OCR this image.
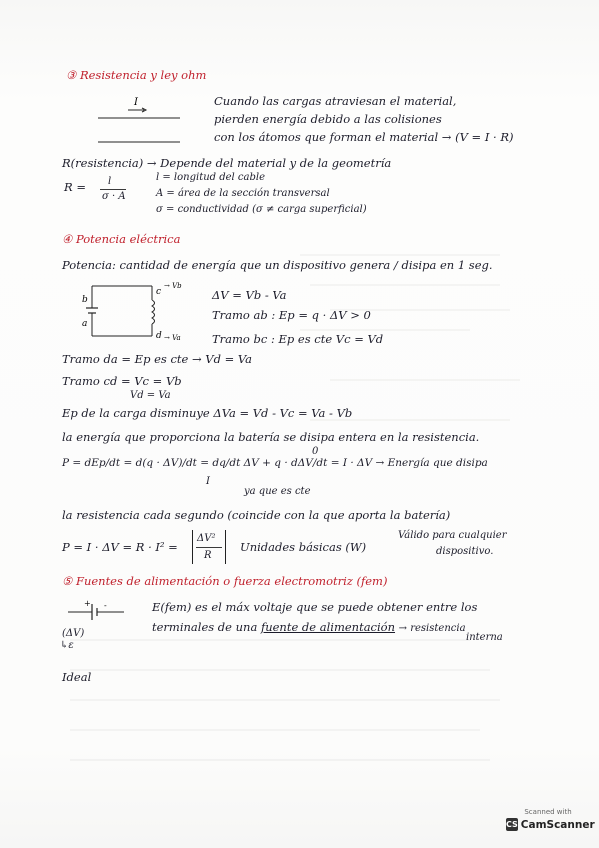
③ Resistencia y ley ohm
I	Cuando las cargas atraviesan el material,
pierden energía debido a las colisiones
con los átomos que forman el material → (V = I · R)
R(resistencia) → Depende del material y de la geometría
R = l
σ · A
l = longitud del cable
A = área de la sección transversal
σ = conductividad (σ ≠ carga superficial)
④ Potencia eléctrica
Potencia: cantidad de energía que un dispositivo genera / disipa en 1 seg.
b
c
→ Vb
a
d → Va
ΔV = Vb - Va
Tramo ab : Ep = q · ΔV > 0
Tramo bc : Ep es cte Vc = Vd
Tramo da = Ep es cte → Vd = Va
Tramo cd = Vc = Vb
Vd = Va
Ep de la carga disminuye ΔVa = Vd - Vc = Va - Vb
la energía que proporciona la batería se disipa entera en la resistencia.
P = dEp/dt = d(q · ΔV)/dt = dq/dt ΔV + q · dΔV/dt = I · ΔV → Energía que disipa
I
0
ya que es cte
la resistencia cada segundo (coincide con la que aporta la batería)
P = I · ΔV = R · I² =
ΔV²
R
Unidades básicas (W)
Válido para cualquier
dispositivo.
⑤ Fuentes de alimentación o fuerza electromotriz (fem)
+ -	E(fem) es el máx voltaje que se puede obtener entre los
terminales de una fuente de alimentación → resistencia
interna
(ΔV)
↳ε
Ideal
Scanned with
CS CamScanner
